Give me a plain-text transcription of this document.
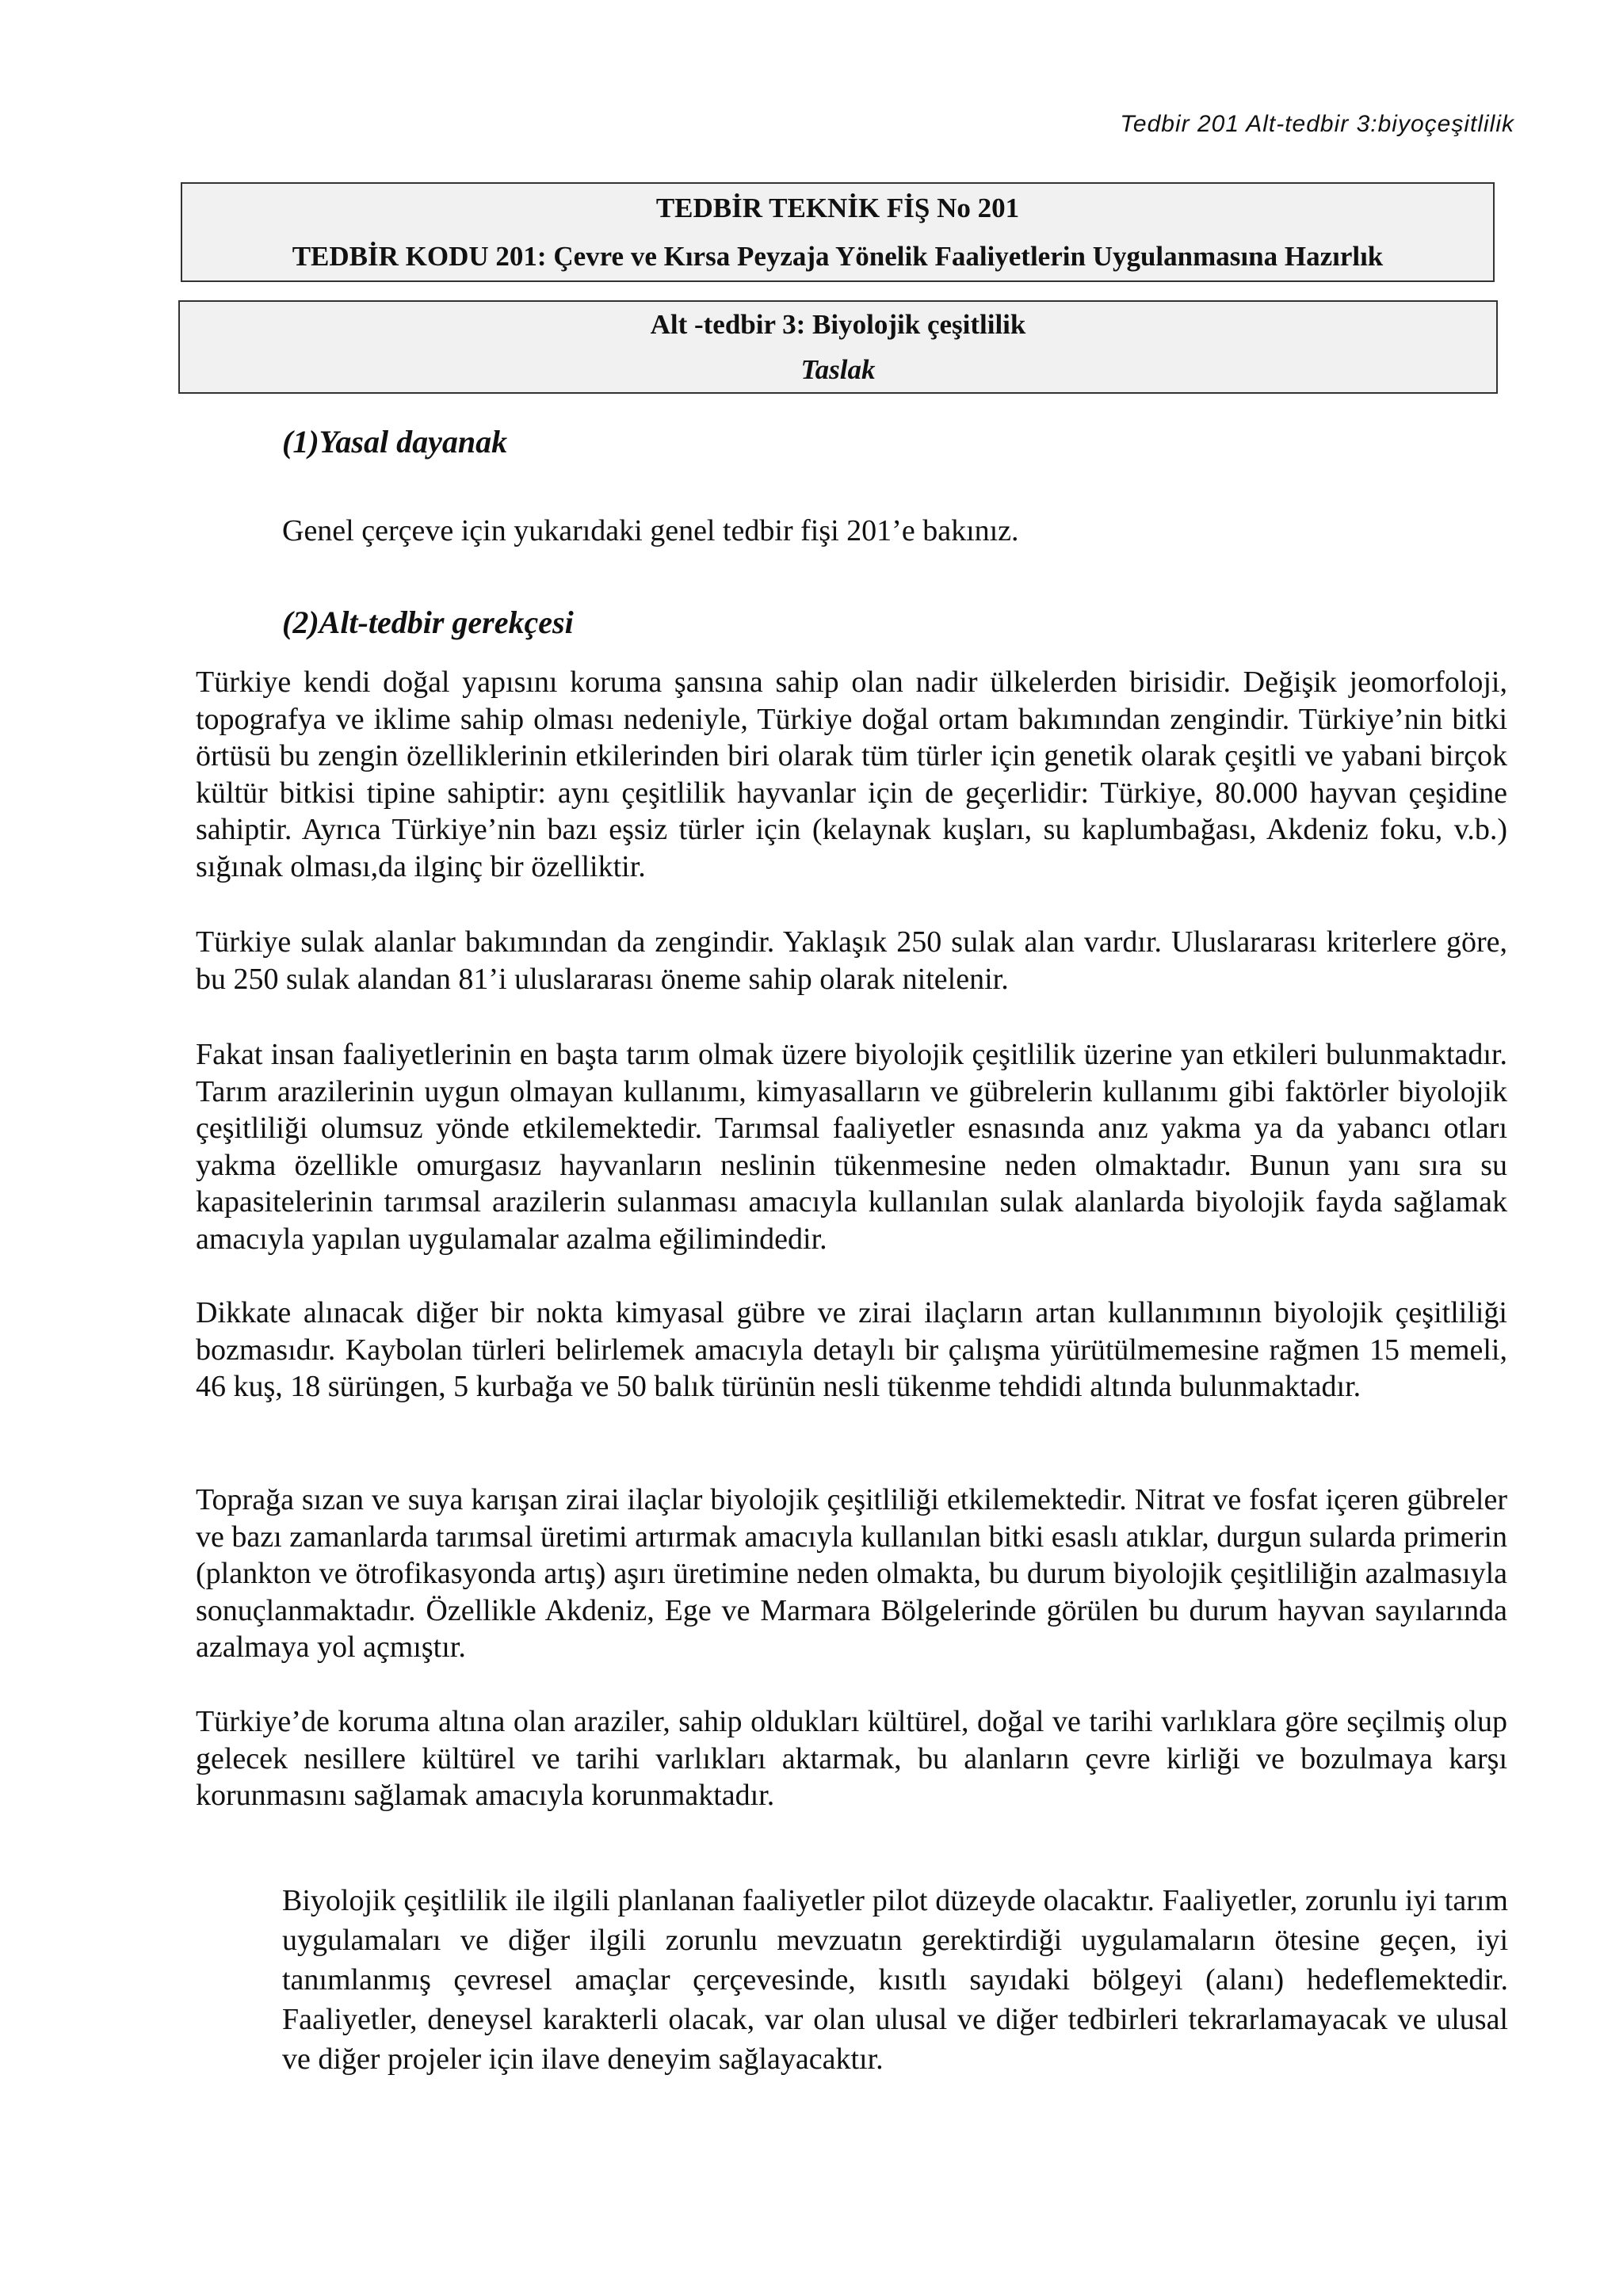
Tedbir 201 Alt-tedbir 3:biyoçeşitlilik
TEDBİR TEKNİK FİŞ No 201
TEDBİR KODU 201: Çevre ve Kırsa Peyzaja Yönelik Faaliyetlerin Uygulanmasına Hazırlık
Alt -tedbir 3: Biyolojik çeşitlilik
Taslak
(1)Yasal dayanak
Genel çerçeve için yukarıdaki genel tedbir fişi 201’e bakınız.
(2)Alt-tedbir gerekçesi
Türkiye kendi doğal yapısını koruma şansına sahip olan nadir ülkelerden birisidir. Değişik jeomorfoloji, topografya ve iklime sahip olması nedeniyle, Türkiye doğal ortam bakımından zengindir. Türkiye’nin bitki örtüsü bu zengin özelliklerinin etkilerinden biri olarak tüm türler için genetik olarak çeşitli ve yabani birçok kültür bitkisi tipine sahiptir: aynı çeşitlilik hayvanlar için de geçerlidir: Türkiye, 80.000 hayvan çeşidine sahiptir. Ayrıca Türkiye’nin bazı eşsiz türler için (kelaynak kuşları, su kaplumbağası, Akdeniz foku, v.b.) sığınak olması,da ilginç bir özelliktir.
Türkiye sulak alanlar bakımından da zengindir. Yaklaşık 250 sulak alan vardır. Uluslararası kriterlere göre, bu 250 sulak alandan 81’i uluslararası öneme sahip olarak nitelenir.
Fakat insan faaliyetlerinin en başta tarım olmak üzere biyolojik çeşitlilik üzerine yan etkileri bulunmaktadır. Tarım arazilerinin uygun olmayan kullanımı, kimyasalların ve gübrelerin kullanımı gibi faktörler biyolojik çeşitliliği olumsuz yönde etkilemektedir. Tarımsal faaliyetler esnasında anız yakma ya da yabancı otları yakma özellikle omurgasız hayvanların neslinin tükenmesine neden olmaktadır. Bunun yanı sıra su kapasitelerinin tarımsal arazilerin sulanması amacıyla kullanılan sulak alanlarda biyolojik fayda sağlamak amacıyla yapılan uygulamalar azalma eğilimindedir.
Dikkate alınacak diğer bir nokta kimyasal gübre ve zirai ilaçların artan kullanımının biyolojik çeşitliliği bozmasıdır. Kaybolan türleri belirlemek amacıyla detaylı bir çalışma yürütülmemesine rağmen 15 memeli, 46 kuş, 18 sürüngen, 5 kurbağa ve 50 balık türünün nesli tükenme tehdidi altında bulunmaktadır.
Toprağa sızan ve suya karışan zirai ilaçlar biyolojik çeşitliliği etkilemektedir. Nitrat ve fosfat içeren gübreler ve bazı zamanlarda tarımsal üretimi artırmak amacıyla kullanılan bitki esaslı atıklar, durgun sularda primerin (plankton ve ötrofikasyonda artış) aşırı üretimine neden olmakta, bu durum biyolojik çeşitliliğin azalmasıyla sonuçlanmaktadır. Özellikle Akdeniz, Ege ve Marmara Bölgelerinde görülen bu durum hayvan sayılarında azalmaya yol açmıştır.
Türkiye’de koruma altına olan araziler, sahip oldukları kültürel, doğal ve tarihi varlıklara göre seçilmiş olup gelecek nesillere kültürel ve tarihi varlıkları aktarmak, bu alanların çevre kirliği ve bozulmaya karşı korunmasını sağlamak amacıyla korunmaktadır.
Biyolojik çeşitlilik ile ilgili planlanan faaliyetler pilot düzeyde olacaktır. Faaliyetler, zorunlu iyi tarım uygulamaları ve diğer ilgili zorunlu mevzuatın gerektirdiği uygulamaların ötesine geçen, iyi tanımlanmış çevresel amaçlar çerçevesinde, kısıtlı sayıdaki bölgeyi (alanı) hedeflemektedir. Faaliyetler, deneysel karakterli olacak, var olan ulusal ve diğer tedbirleri tekrarlamayacak ve ulusal ve diğer projeler için ilave deneyim sağlayacaktır.
